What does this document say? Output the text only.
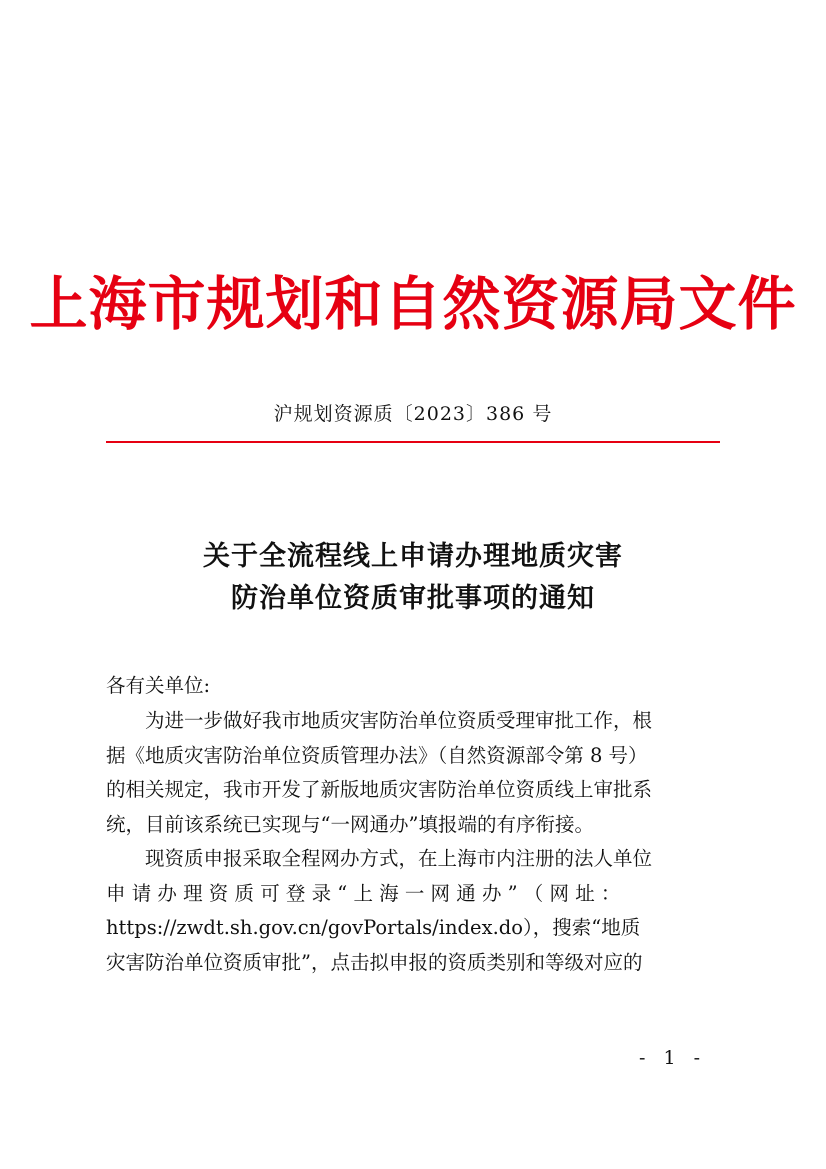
上海市规划和自然资源局文件
沪规划资源质〔2023〕386 号
关于全流程线上申请办理地质灾害
防治单位资质审批事项的通知
各有关单位:
为进一步做好我市地质灾害防治单位资质受理审批工作，根
据《地质灾害防治单位资质管理办法》（自然资源部令第 8 号）
的相关规定，我市开发了新版地质灾害防治单位资质线上审批系
统，目前该系统已实现与“一网通办”填报端的有序衔接。
现资质申报采取全程网办方式，在上海市内注册的法人单位
申 请 办 理 资 质 可 登 录 “ 上 海 一 网 通 办 ” （ 网 址 ：
https://zwdt.sh.gov.cn/govPortals/index.do），搜索“地质
灾害防治单位资质审批”，点击拟申报的资质类别和等级对应的
- 1 -
